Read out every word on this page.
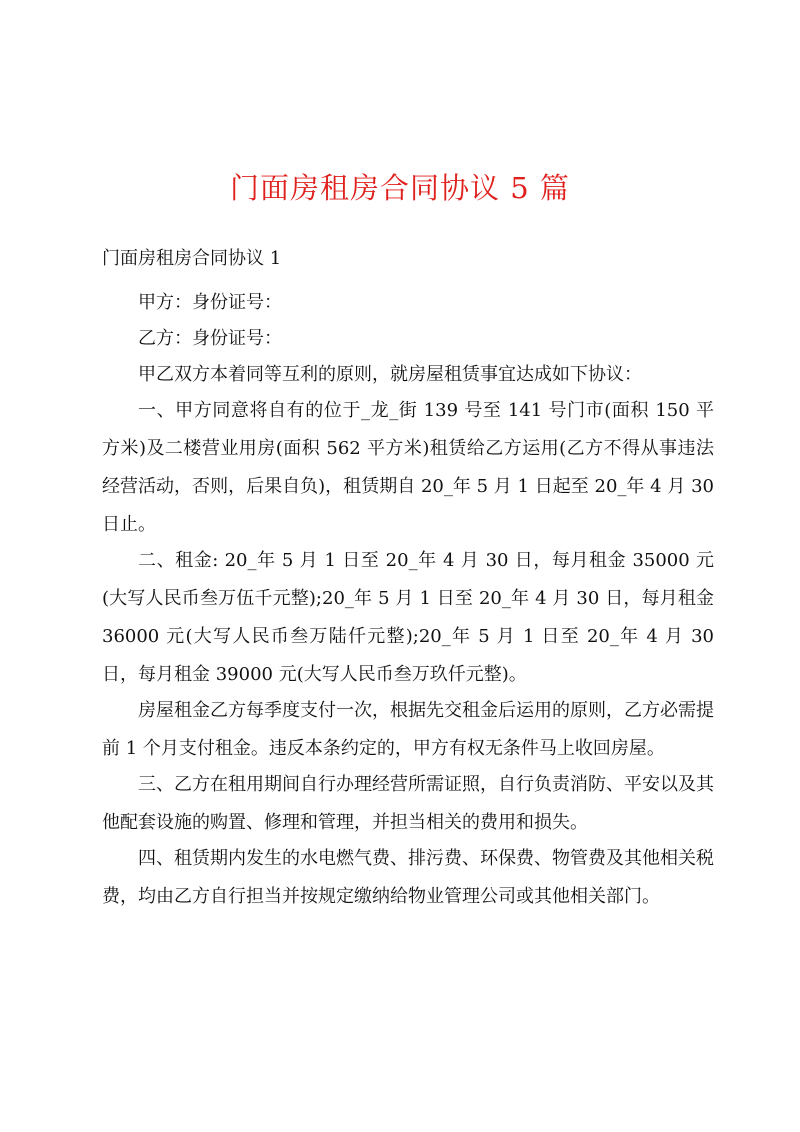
门面房租房合同协议 5 篇

门面房租房合同协议 1

甲方：身份证号：

乙方：身份证号：

甲乙双方本着同等互利的原则，就房屋租赁事宜达成如下协议：

一、甲方同意将自有的位于_龙_街 139 号至 141 号门市(面积 150 平方米)及二楼营业用房(面积 562 平方米)租赁给乙方运用(乙方不得从事违法经营活动，否则，后果自负)，租赁期自 20_年 5 月 1 日起至 20_年 4 月 30 日止。

二、租金: 20_年 5 月 1 日至 20_年 4 月 30 日，每月租金 35000 元(大写人民币叁万伍千元整);20_年 5 月 1 日至 20_年 4 月 30 日，每月租金 36000 元(大写人民币叁万陆仟元整);20_年 5 月 1 日至 20_年 4 月 30 日，每月租金 39000 元(大写人民币叁万玖仟元整)。

房屋租金乙方每季度支付一次，根据先交租金后运用的原则，乙方必需提前 1 个月支付租金。违反本条约定的，甲方有权无条件马上收回房屋。

三、乙方在租用期间自行办理经营所需证照，自行负责消防、平安以及其他配套设施的购置、修理和管理，并担当相关的费用和损失。

四、租赁期内发生的水电燃气费、排污费、环保费、物管费及其他相关税费，均由乙方自行担当并按规定缴纳给物业管理公司或其他相关部门。
